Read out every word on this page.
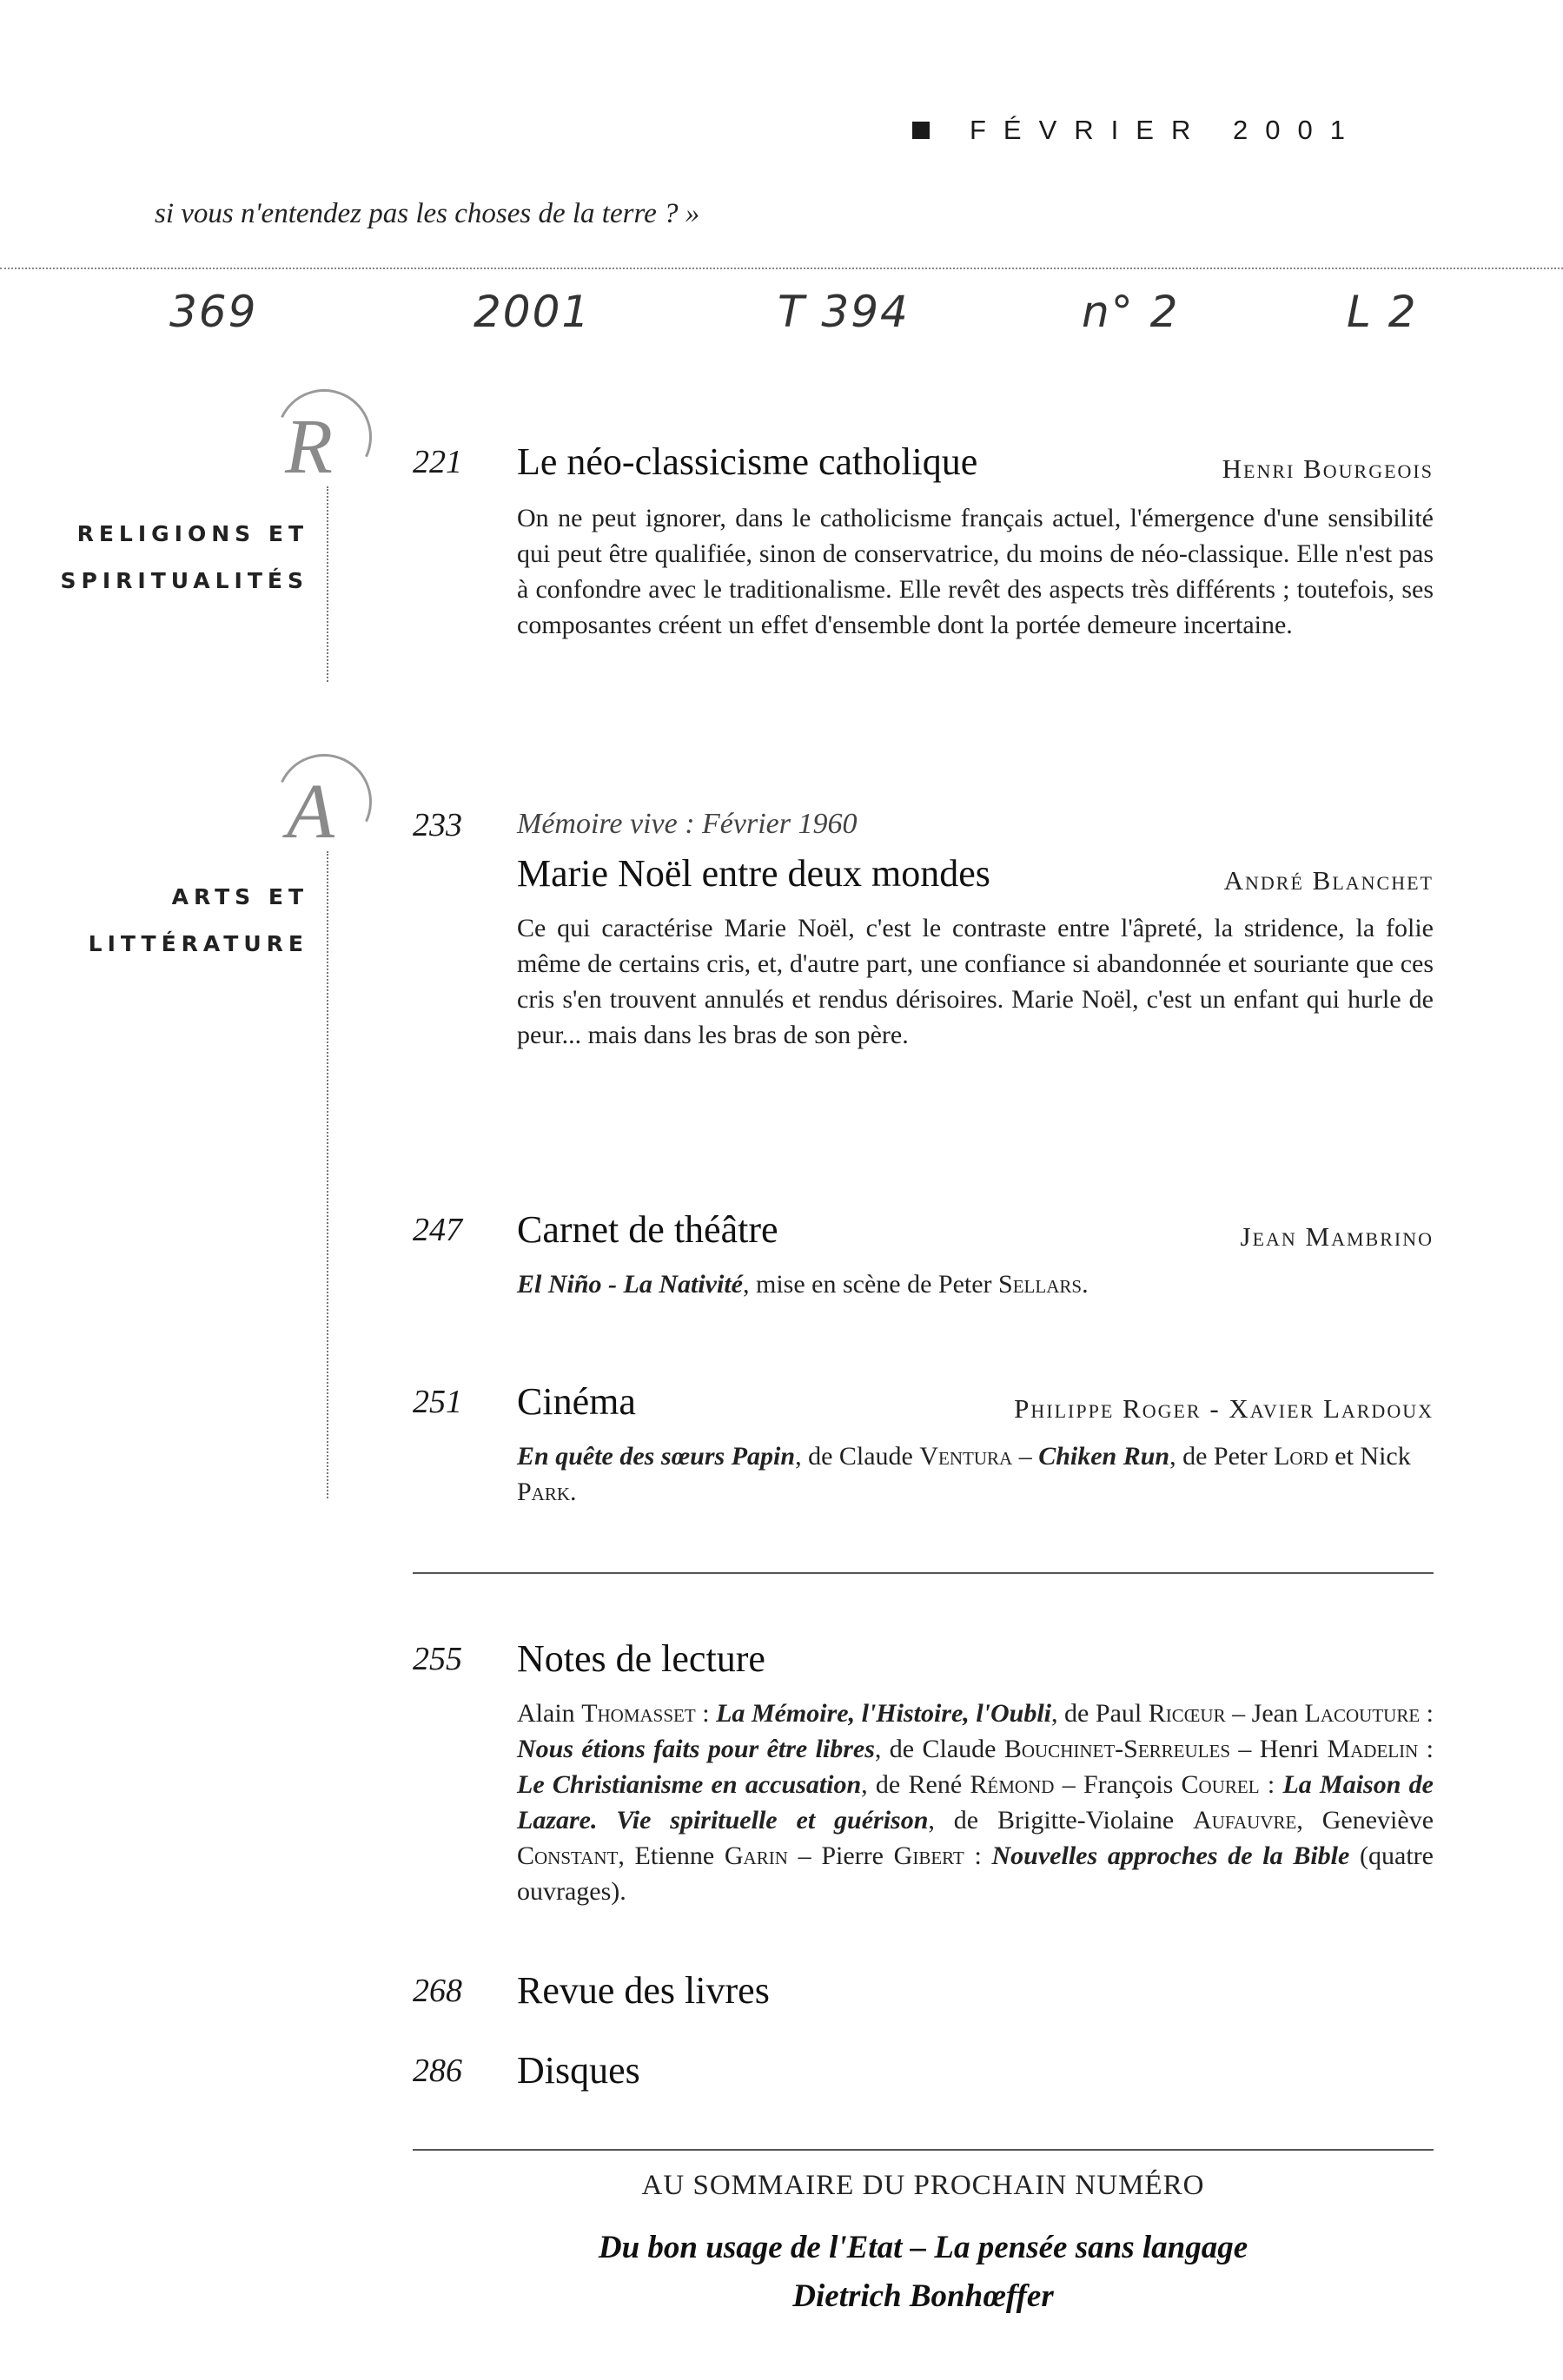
FÉVRIER 2001
si vous n'entendez pas les choses de la terre ? »
369	2001	T 394	n° 2	L 2
R
RELIGIONS ET
SPIRITUALITÉS
221 Le néo-classicisme catholique	Henri Bourgeois
On ne peut ignorer, dans le catholicisme français actuel, l'émergence d'une sensibilité qui peut être qualifiée, sinon de conservatrice, du moins de néo-classique. Elle n'est pas à confondre avec le traditionalisme. Elle revêt des aspects très différents ; toutefois, ses composantes créent un effet d'ensemble dont la portée demeure incertaine.
A
ARTS ET
LITTÉRATURE
233 Mémoire vive : Février 1960
Marie Noël entre deux mondes	André Blanchet
Ce qui caractérise Marie Noël, c'est le contraste entre l'âpreté, la stridence, la folie même de certains cris, et, d'autre part, une confiance si abandonnée et souriante que ces cris s'en trouvent annulés et rendus dérisoires. Marie Noël, c'est un enfant qui hurle de peur... mais dans les bras de son père.
247 Carnet de théâtre	Jean Mambrino
El Niño - La Nativité, mise en scène de Peter Sellars.
251 Cinéma	Philippe Roger - Xavier Lardoux
En quête des sœurs Papin, de Claude Ventura – Chiken Run, de Peter Lord et Nick Park.
255 Notes de lecture
Alain Thomasset : La Mémoire, l'Histoire, l'Oubli, de Paul Ricœur – Jean Lacouture : Nous étions faits pour être libres, de Claude Bouchinet-Serreules – Henri Madelin : Le Christianisme en accusation, de René Rémond – François Courel : La Maison de Lazare. Vie spirituelle et guérison, de Brigitte-Violaine Aufauvre, Geneviève Constant, Etienne Garin – Pierre Gibert : Nouvelles approches de la Bible (quatre ouvrages).
268 Revue des livres
286 Disques
AU SOMMAIRE DU PROCHAIN NUMÉRO
Du bon usage de l'Etat – La pensée sans langage
Dietrich Bonhœffer
